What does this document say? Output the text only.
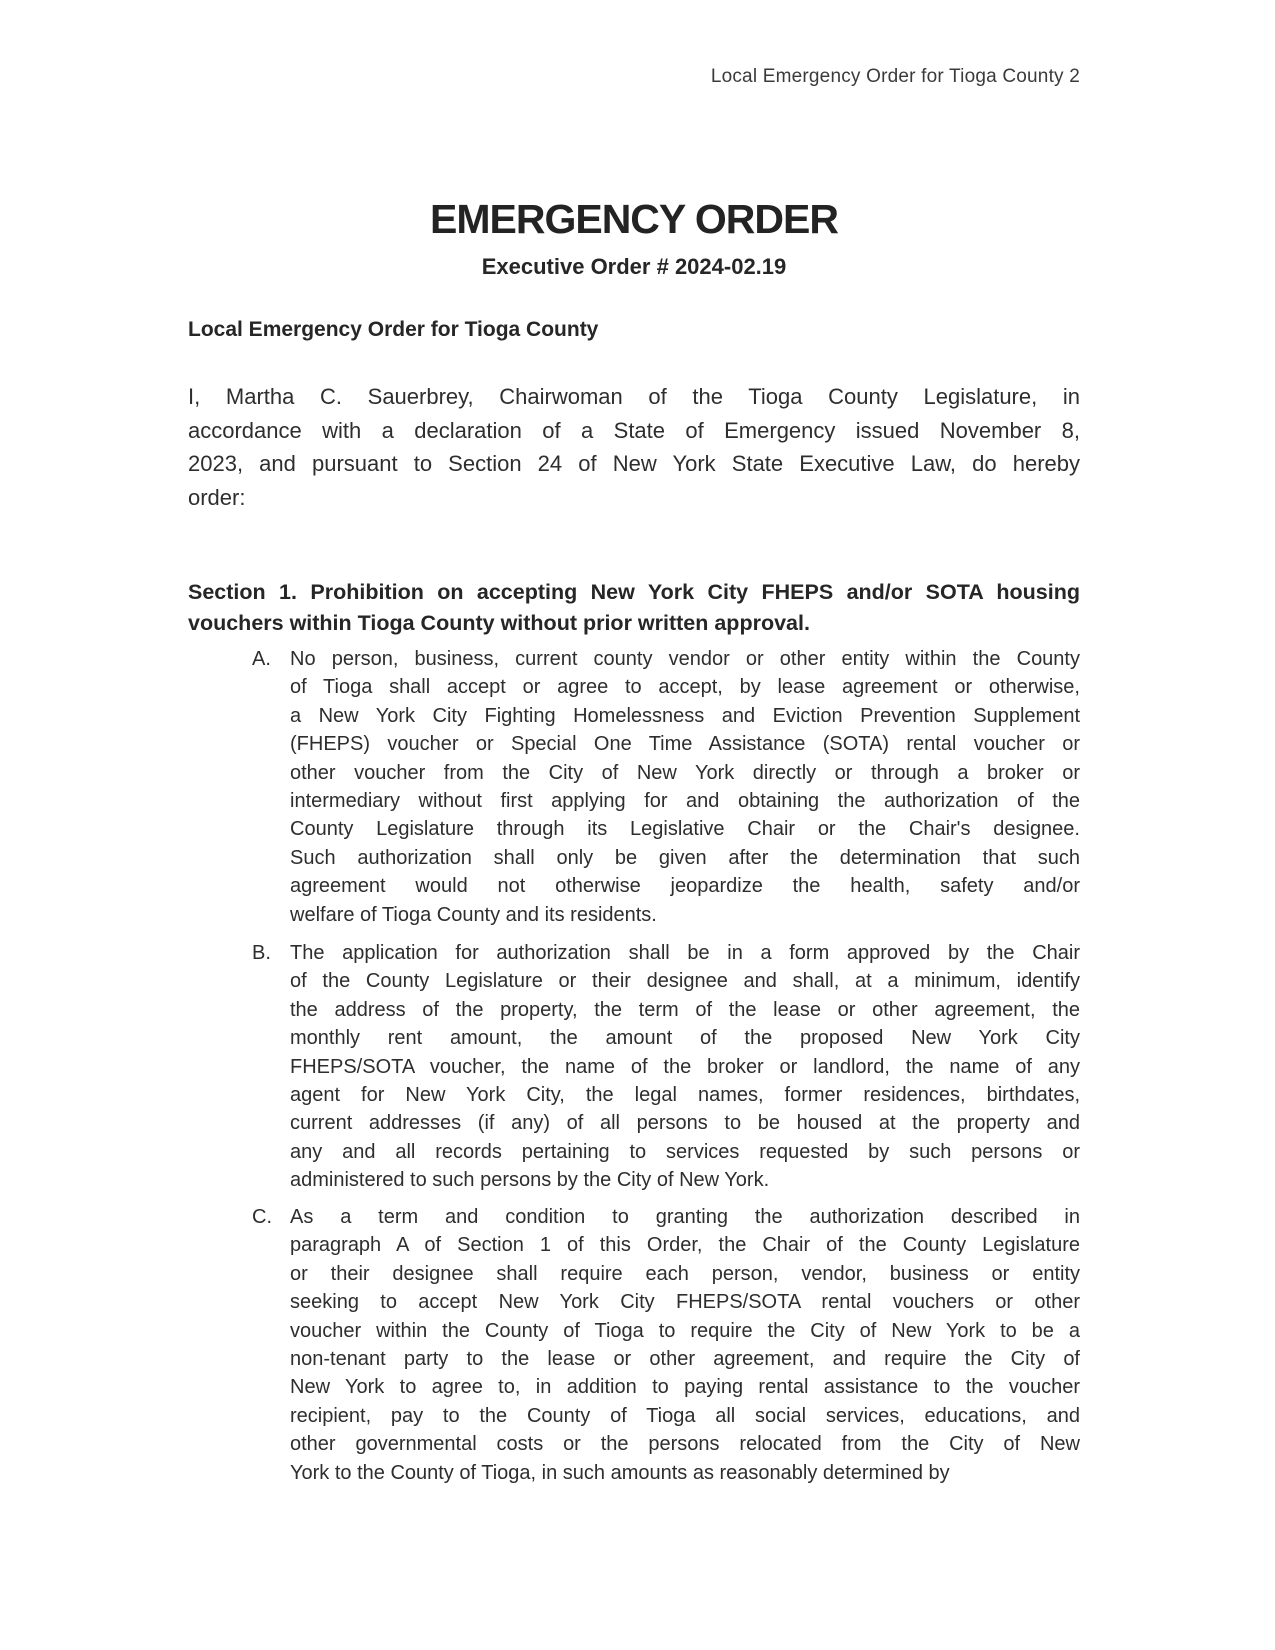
Local Emergency Order for Tioga County 2
EMERGENCY ORDER
Executive Order # 2024-02.19
Local Emergency Order for Tioga County
I, Martha C. Sauerbrey, Chairwoman of the Tioga County Legislature, in
accordance with a declaration of a State of Emergency issued November 8,
2023, and pursuant to Section 24 of New York State Executive Law, do hereby
order:
Section 1. Prohibition on accepting New York City FHEPS and/or SOTA housing
vouchers within Tioga County without prior written approval.
A. No person, business, current county vendor or other entity within the County
of Tioga shall accept or agree to accept, by lease agreement or otherwise,
a New York City Fighting Homelessness and Eviction Prevention Supplement
(FHEPS) voucher or Special One Time Assistance (SOTA) rental voucher or
other voucher from the City of New York directly or through a broker or
intermediary without first applying for and obtaining the authorization of the
County Legislature through its Legislative Chair or the Chair's designee.
Such authorization shall only be given after the determination that such
agreement would not otherwise jeopardize the health, safety and/or
welfare of Tioga County and its residents.
B. The application for authorization shall be in a form approved by the Chair
of the County Legislature or their designee and shall, at a minimum, identify
the address of the property, the term of the lease or other agreement, the
monthly rent amount, the amount of the proposed New York City
FHEPS/SOTA voucher, the name of the broker or landlord, the name of any
agent for New York City, the legal names, former residences, birthdates,
current addresses (if any) of all persons to be housed at the property and
any and all records pertaining to services requested by such persons or
administered to such persons by the City of New York.
C. As a term and condition to granting the authorization described in
paragraph A of Section 1 of this Order, the Chair of the County Legislature
or their designee shall require each person, vendor, business or entity
seeking to accept New York City FHEPS/SOTA rental vouchers or other
voucher within the County of Tioga to require the City of New York to be a
non-tenant party to the lease or other agreement, and require the City of
New York to agree to, in addition to paying rental assistance to the voucher
recipient, pay to the County of Tioga all social services, educations, and
other governmental costs or the persons relocated from the City of New
York to the County of Tioga, in such amounts as reasonably determined by
